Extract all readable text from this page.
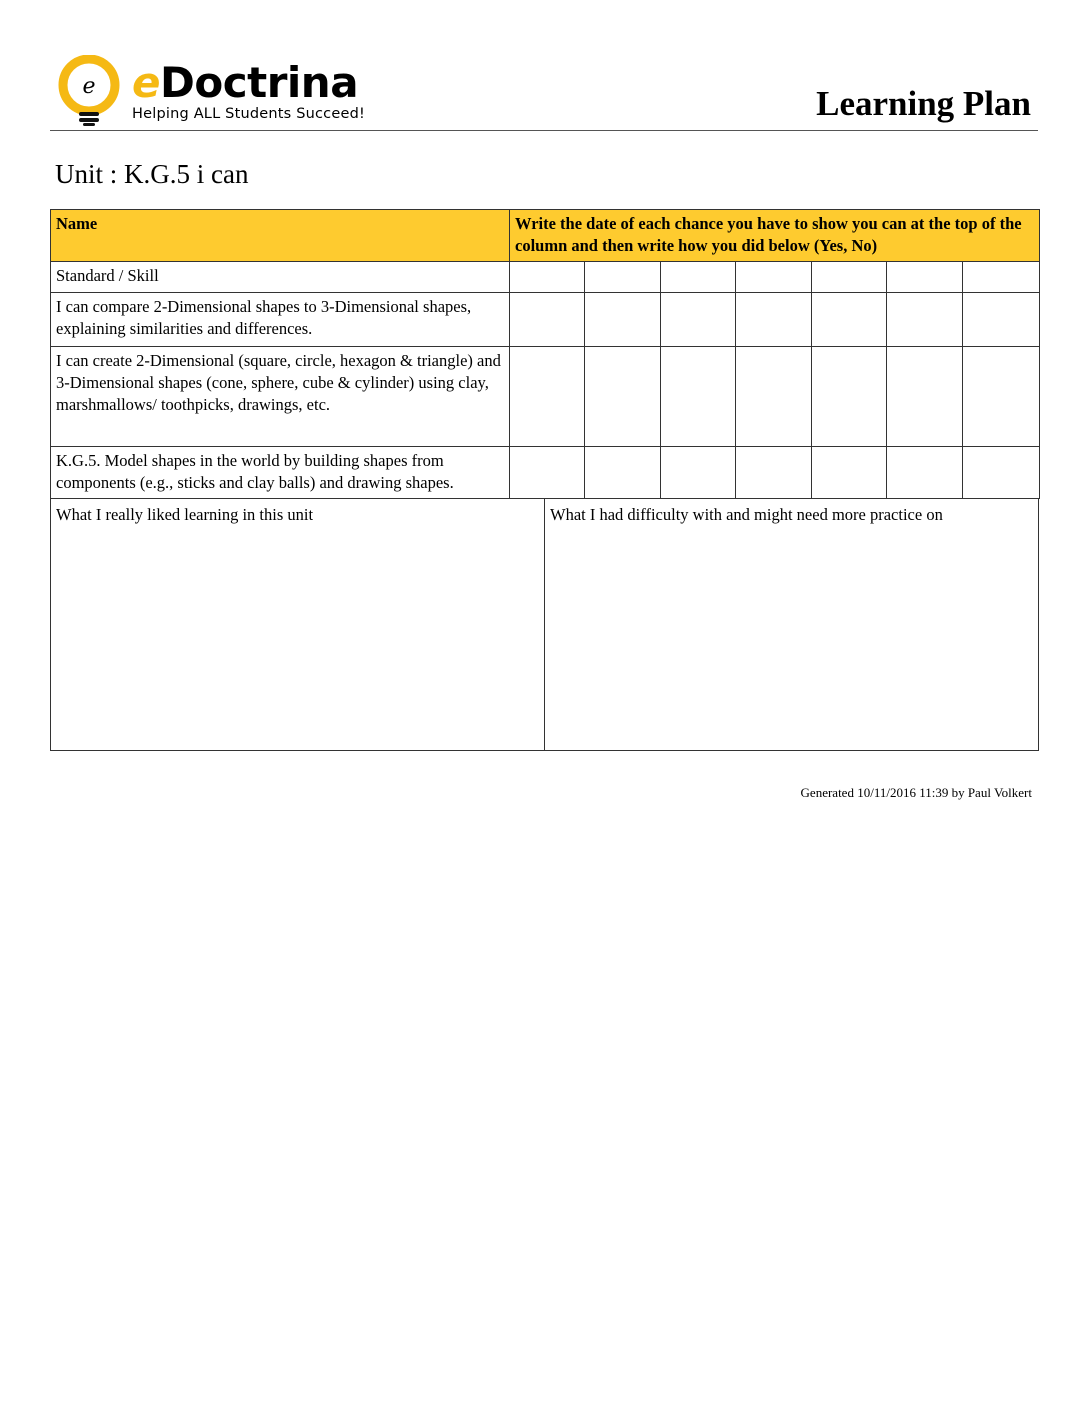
e eDoctrina
Helping ALL Students Succeed!	Learning Plan
Unit : K.G.5 i can
Name	Write the date of each chance you have to show you can at the top of the column and then write how you did below (Yes, No)						
Standard / Skill							
I can compare 2-Dimensional shapes to 3-Dimensional shapes, explaining similarities and differences.							
I can create 2-Dimensional (square, circle, hexagon & triangle) and 3-Dimensional shapes (cone, sphere, cube & cylinder) using clay, marshmallows/ toothpicks, drawings, etc.							
K.G.5. Model shapes in the world by building shapes from components (e.g., sticks and clay balls) and drawing shapes.							
What I really liked learning in this unit	What I had difficulty with and might need more practice on
Generated 10/11/2016 11:39 by Paul Volkert
